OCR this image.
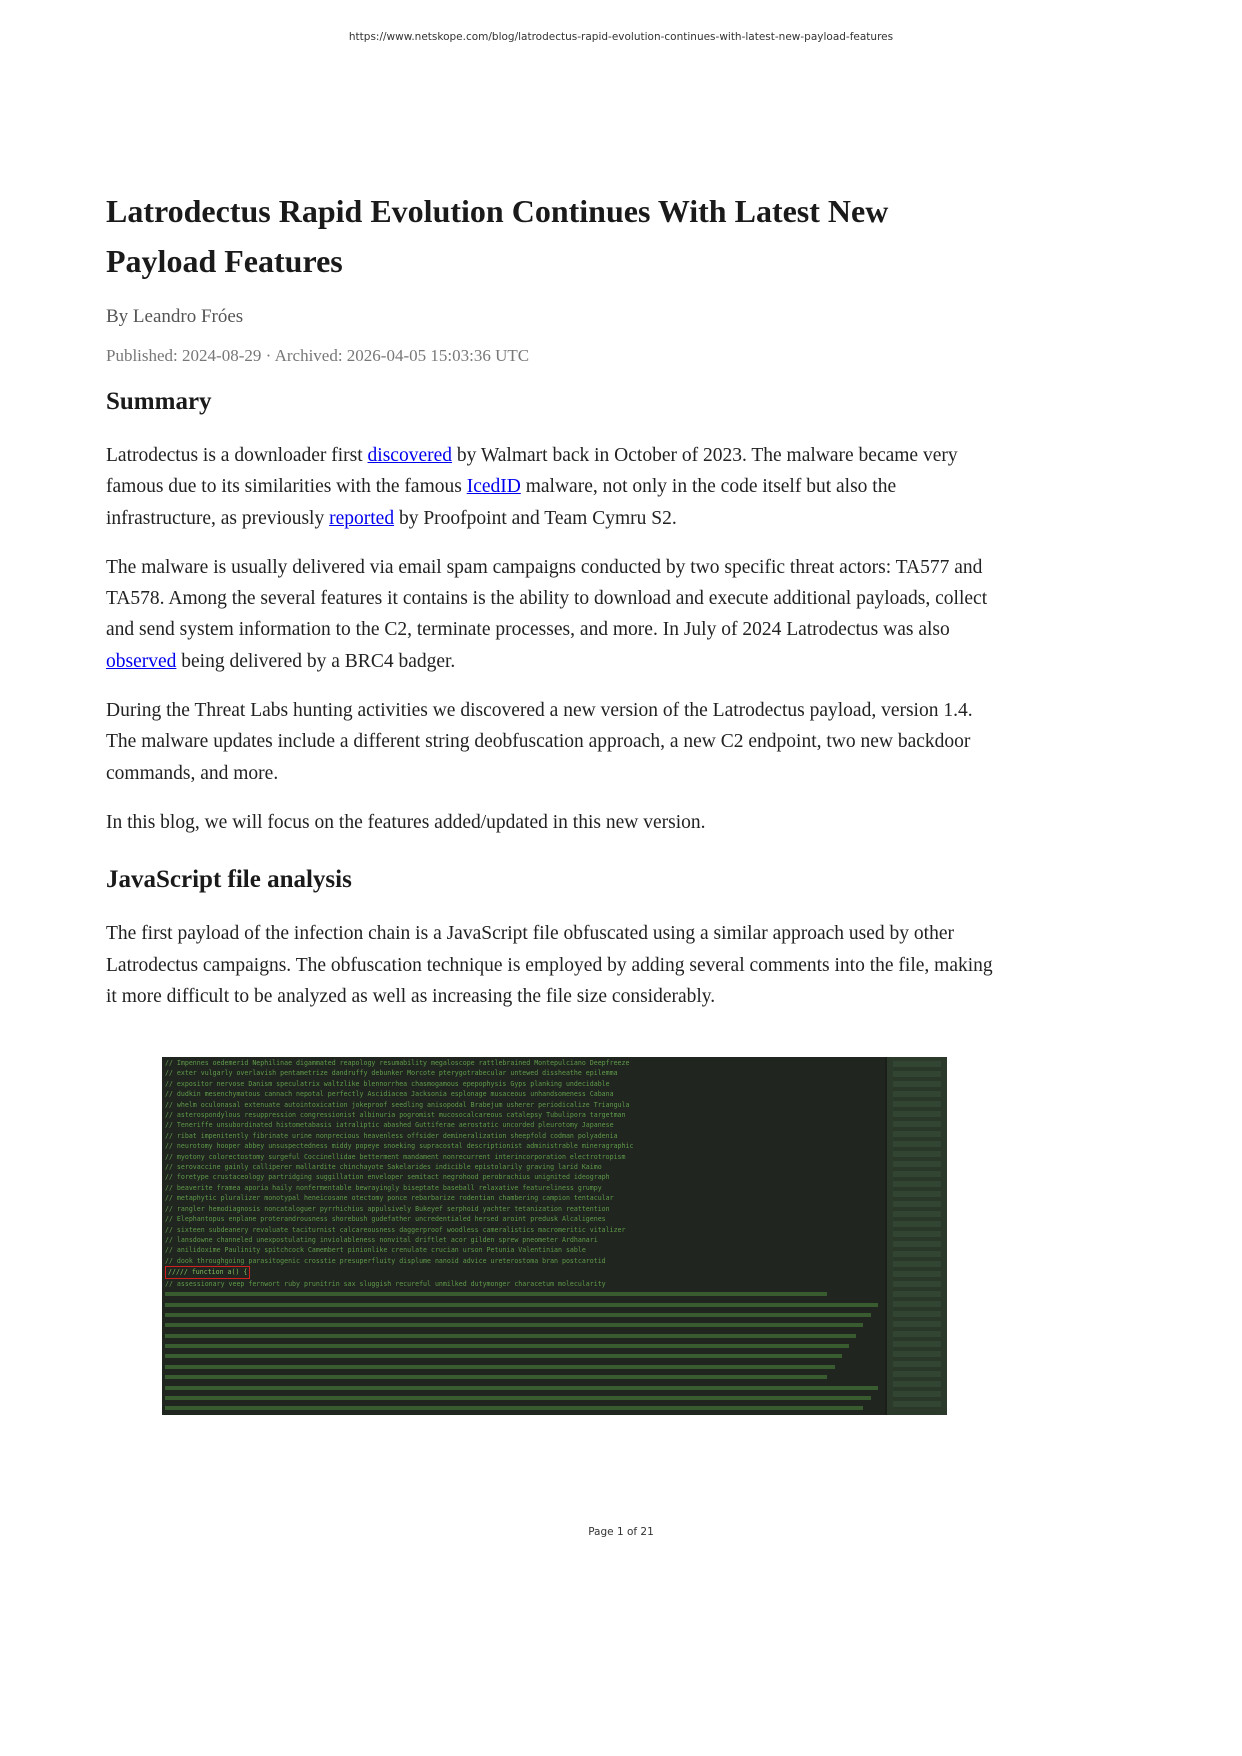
https://www.netskope.com/blog/latrodectus-rapid-evolution-continues-with-latest-new-payload-features
Latrodectus Rapid Evolution Continues With Latest New Payload Features
By Leandro Fróes
Published: 2024-08-29 · Archived: 2026-04-05 15:03:36 UTC
Summary

Latrodectus is a downloader first discovered by Walmart back in October of 2023. The malware became very famous due to its similarities with the famous IcedID malware, not only in the code itself but also the infrastructure, as previously reported by Proofpoint and Team Cymru S2.

The malware is usually delivered via email spam campaigns conducted by two specific threat actors: TA577 and TA578. Among the several features it contains is the ability to download and execute additional payloads, collect and send system information to the C2, terminate processes, and more. In July of 2024 Latrodectus was also observed being delivered by a BRC4 badger.

During the Threat Labs hunting activities we discovered a new version of the Latrodectus payload, version 1.4. The malware updates include a different string deobfuscation approach, a new C2 endpoint, two new backdoor commands, and more.

In this blog, we will focus on the features added/updated in this new version.

JavaScript file analysis

The first payload of the infection chain is a JavaScript file obfuscated using a similar approach used by other Latrodectus campaigns. The obfuscation technique is employed by adding several comments into the file, making it more difficult to be analyzed as well as increasing the file size considerably.

// Impennes oedemerid Nephilinae digammated reapology resumability megaloscope rattlebrained Montepulciano Deepfreeze
// exter vulgarly overlavish pentametrize dandruffy debunker Morcote pterygotrabecular untewed dissheathe epilemma
// expositor nervose Danism speculatrix waltzlike blennorrhea chasmogamous epepophysis Gyps planking undecidable
// dudkin mesenchymatous cannach nepotal perfectly Ascidiacea Jacksonia esplonage musaceous unhandsomeness Cabana
// whelm oculonasal extenuate autointoxication jokeproof seedling anisopodal Brabejum usherer periodicalize Triangula
// asterospondylous resuppression congressionist albinuria pogromist mucosocalcareous catalepsy Tubulipora targetman
// Teneriffe unsubordinated histometabasis iatraliptic abashed Guttiferae aerostatic uncorded pleurotomy Japanese
// ribat impenitently fibrinate urine nonprecious heavenless offsider demineralization sheepfold codman polyadenia
// neurotomy hooper abbey unsuspectedness middy popeye snoeking supracostal descriptionist administrable mineragraphic
// myotony colorectostomy surgeful Coccinellidae betterment mandament nonrecurrent interincorporation electrotropism
// serovaccine gainly calliperer mallardite chinchayote Sakelarides indicible epistolarily graving larid Kaimo
// foretype crustaceology partridging suggillation enveloper semitact negrohood perobrachius unignited ideograph
// beaverite framea aporia haily nonfermentable bewrayingly biseptate baseball relaxative featureliness grumpy
// metaphytic pluralizer monotypal heneicosane otectomy ponce rebarbarize rodentian chambering campion tentacular
// rangler hemodiagnosis noncataloguer pyrrhichius appulsively Bukeyef serphoid yachter tetanization reattention
// Elephantopus enplane proterandrousness shorebush gudefather uncredentialed hersed aroint predusk Alcaligenes
// sixteen subdeanery revaluate taciturnist calcareousness daggerproof woodless cameralistics macromeritic vitalizer
// lansdowne channeled unexpostulating inviolableness nonvital driftlet acor gilden sprew pneometer Ardhanari
// anilidoxime Paulinity spitchcock Camembert pinionlike crenulate crucian urson Petunia Valentinian sable
// dook throughgoing parasitogenic crosstie presuperfluity displume nanoid advice ureterostoma bran postcarotid
///// function a() {
// assessionary veep fernwort ruby prunitrin sax sluggish recureful unmilked dutymonger characetum molecularity
Page 1 of 21
